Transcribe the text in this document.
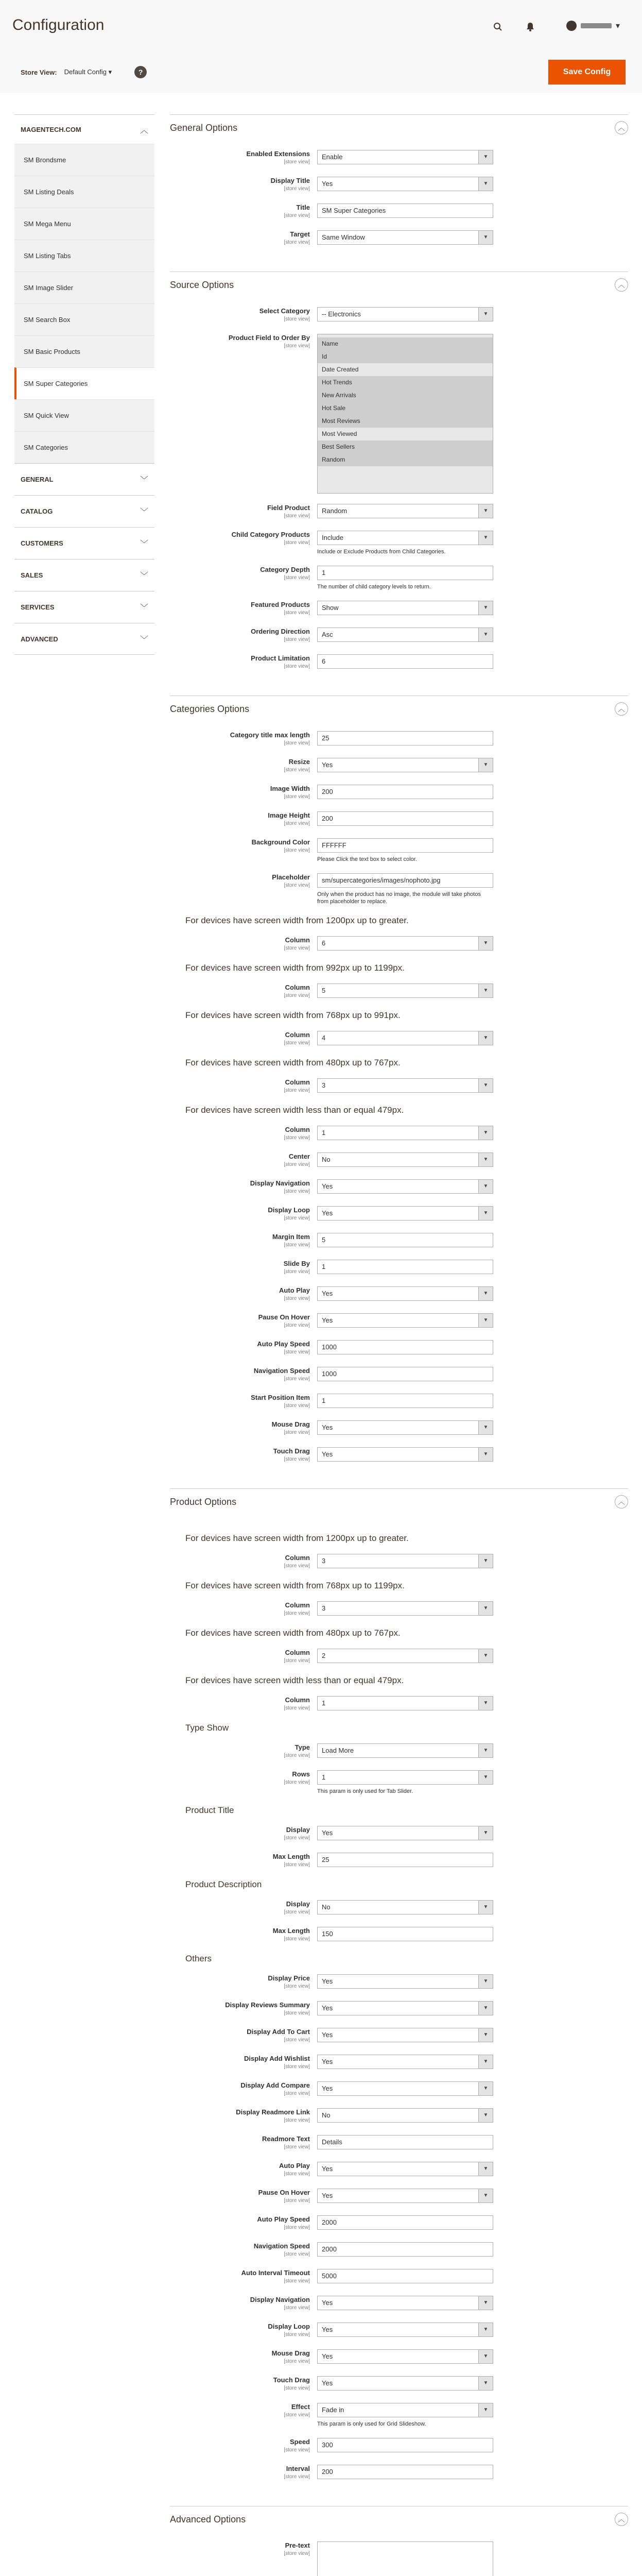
Configuration	▾
Store View: Default Config ▾	?	Save Config
MAGENTECH.COM	︿
SM Brondsme
SM Listing Deals
SM Mega Menu
SM Listing Tabs
SM Image Slider
SM Search Box
SM Basic Products
SM Super Categories
SM Quick View
SM Categories
GENERAL	﹀
CATALOG	﹀
CUSTOMERS	﹀
SALES	﹀
SERVICES	﹀
ADVANCED	﹀
General Options	︿
Enabled Extensions
[store view]
Enable	▼
Display Title
[store view]
Yes	▼
Title
[store view]
SM Super Categories
Target
[store view]
Same Window	▼
Source Options	︿
Select Category
[store view]
-- Electronics	▼
Product Field to Order By
[store view]	Name
Id
Date Created
Hot Trends
New Arrivals
Hot Sale
Most Reviews
Most Viewed
Best Sellers
Random
Field Product
[store view]
Random	▼
Child Category Products
[store view]
Include	▼
Include or Exclude Products from Child Categories.
Category Depth
[store view]
1
The number of child category levels to return.
Featured Products
[store view]
Show	▼
Ordering Direction
[store view]
Asc	▼
Product Limitation
[store view]
6
Categories Options	︿
Category title max length
[store view]
25
Resize
[store view]
Yes	▼
Image Width
[store view]
200
Image Height
[store view]
200
Background Color
[store view]
FFFFFF
Please Click the text box to select color.
Placeholder
[store view]
sm/supercategories/images/nophoto.jpg
Only when the product has no image, the module will take photos from placeholder to replace.
For devices have screen width from 1200px up to greater.
Column
[store view]
6	▼
For devices have screen width from 992px up to 1199px.
Column
[store view]
5	▼
For devices have screen width from 768px up to 991px.
Column
[store view]
4	▼
For devices have screen width from 480px up to 767px.
Column
[store view]
3	▼
For devices have screen width less than or equal 479px.
Column
[store view]
1	▼
Center
[store view]
No	▼
Display Navigation
[store view]
Yes	▼
Display Loop
[store view]
Yes	▼
Margin Item
[store view]
5
Slide By
[store view]
1
Auto Play
[store view]
Yes	▼
Pause On Hover
[store view]
Yes	▼
Auto Play Speed
[store view]
1000
Navigation Speed
[store view]
1000
Start Position Item
[store view]
1
Mouse Drag
[store view]
Yes	▼
Touch Drag
[store view]
Yes	▼
Product Options	︿
For devices have screen width from 1200px up to greater.
Column
[store view]
3	▼
For devices have screen width from 768px up to 1199px.
Column
[store view]
3	▼
For devices have screen width from 480px up to 767px.
Column
[store view]
2	▼
For devices have screen width less than or equal 479px.
Column
[store view]
1	▼
Type Show
Type
[store view]
Load More	▼
Rows
[store view]
1	▼
This param is only used for Tab Slider.
Product Title
Display
[store view]
Yes	▼
Max Length
[store view]
25
Product Description
Display
[store view]
No	▼
Max Length
[store view]
150
Others
Display Price
[store view]
Yes	▼
Display Reviews Summary
[store view]
Yes	▼
Display Add To Cart
[store view]
Yes	▼
Display Add Wishlist
[store view]
Yes	▼
Display Add Compare
[store view]
Yes	▼
Display Readmore Link
[store view]
No	▼
Readmore Text
[store view]
Details
Auto Play
[store view]
Yes	▼
Pause On Hover
[store view]
Yes	▼
Auto Play Speed
[store view]
2000
Navigation Speed
[store view]
2000
Auto Interval Timeout
[store view]
5000
Display Navigation
[store view]
Yes	▼
Display Loop
[store view]
Yes	▼
Mouse Drag
[store view]
Yes	▼
Touch Drag
[store view]
Yes	▼
Effect
[store view]
Fade in	▼
This param is only used for Grid Slideshow.
Speed
[store view]
300
Interval
[store view]
200
Advanced Options	︿
Pre-text
[store view]
